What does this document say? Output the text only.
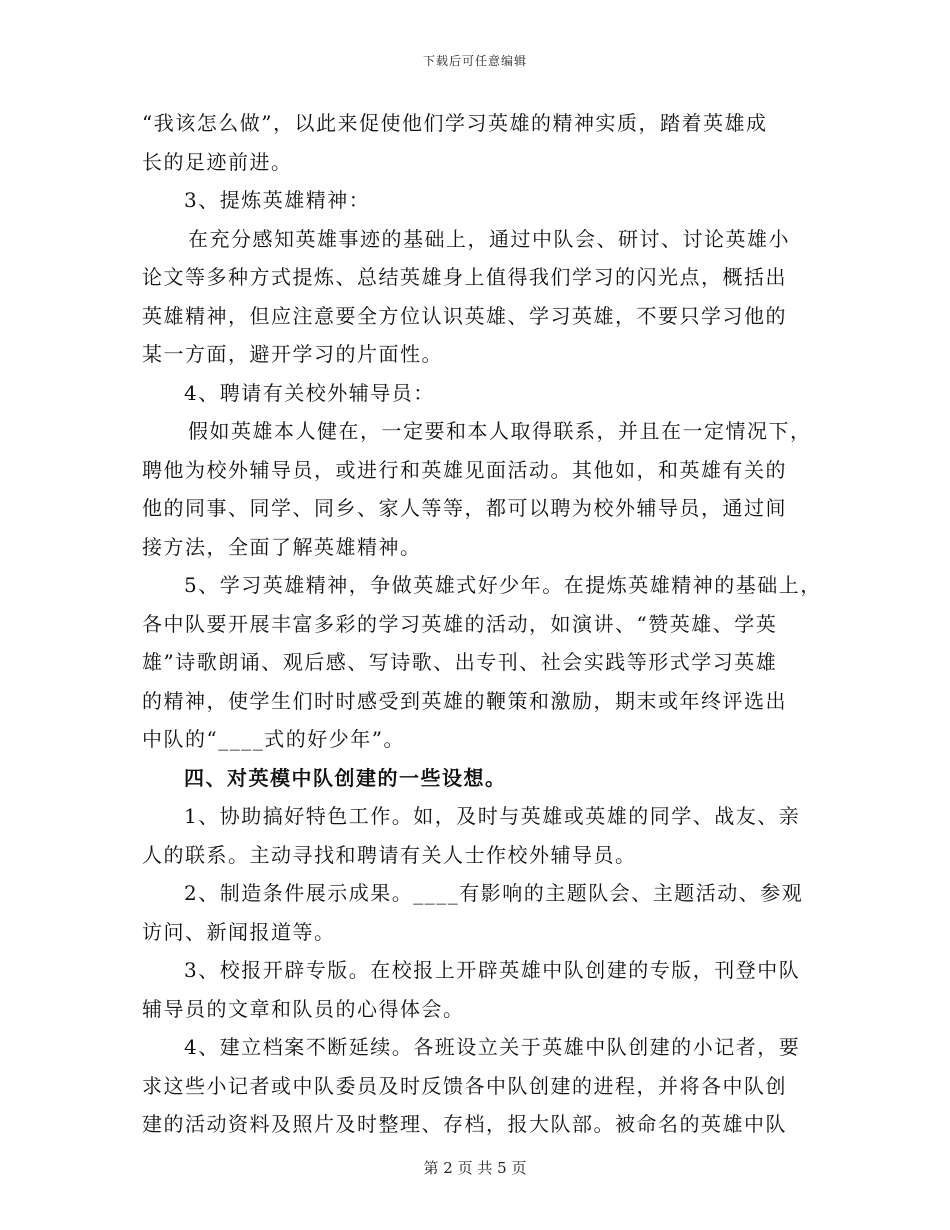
下载后可任意编辑
“我该怎么做”，以此来促使他们学习英雄的精神实质，踏着英雄成
长的足迹前进。
3、提炼英雄精神：
在充分感知英雄事迹的基础上，通过中队会、研讨、讨论英雄小
论文等多种方式提炼、总结英雄身上值得我们学习的闪光点，概括出
英雄精神，但应注意要全方位认识英雄、学习英雄，不要只学习他的
某一方面，避开学习的片面性。
4、聘请有关校外辅导员：
假如英雄本人健在，一定要和本人取得联系，并且在一定情况下，
聘他为校外辅导员，或进行和英雄见面活动。其他如，和英雄有关的
他的同事、同学、同乡、家人等等，都可以聘为校外辅导员，通过间
接方法，全面了解英雄精神。
5、学习英雄精神，争做英雄式好少年。在提炼英雄精神的基础上，
各中队要开展丰富多彩的学习英雄的活动，如演讲、“赞英雄、学英
雄”诗歌朗诵、观后感、写诗歌、出专刊、社会实践等形式学习英雄
的精神，使学生们时时感受到英雄的鞭策和激励，期末或年终评选出
中队的“____式的好少年”。
四、对英模中队创建的一些设想。
1、协助搞好特色工作。如，及时与英雄或英雄的同学、战友、亲
人的联系。主动寻找和聘请有关人士作校外辅导员。
2、制造条件展示成果。____有影响的主题队会、主题活动、参观
访问、新闻报道等。
3、校报开辟专版。在校报上开辟英雄中队创建的专版，刊登中队
辅导员的文章和队员的心得体会。
4、建立档案不断延续。各班设立关于英雄中队创建的小记者，要
求这些小记者或中队委员及时反馈各中队创建的进程，并将各中队创
建的活动资料及照片及时整理、存档，报大队部。被命名的英雄中队
第 2 页 共 5 页
